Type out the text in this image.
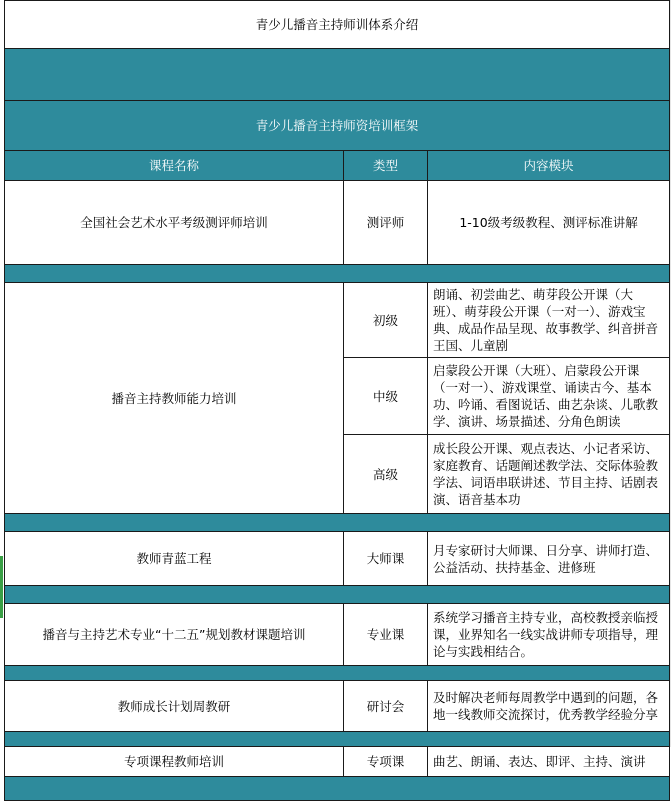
青少儿播音主持师训体系介绍		

青少儿播音主持师资培训框架		
课程名称	类型	内容模块
全国社会艺术水平考级测评师培训	测评师	1-10级考级教程、测评标准讲解

播音主持教师能力培训	初级	朗诵、初尝曲艺、萌芽段公开课（大班）、萌芽段公开课（一对一）、游戏宝典、成品作品呈现、故事教学、纠音拼音王国、儿童剧
	中级	启蒙段公开课（大班）、启蒙段公开课（一对一）、游戏课堂、诵读古今、基本功、吟诵、看图说话、曲艺杂谈、儿歌教学、演讲、场景描述、分角色朗读
	高级	成长段公开课、观点表达、小记者采访、家庭教育、话题阐述教学法、交际体验教学法、词语串联讲述、节目主持、话剧表演、语音基本功

教师青蓝工程	大师课	月专家研讨大师课、日分享、讲师打造、公益活动、扶持基金、进修班

播音与主持艺术专业“十二五”规划教材课题培训	专业课	系统学习播音主持专业，高校教授亲临授课，业界知名一线实战讲师专项指导，理论与实践相结合。

教师成长计划周教研	研讨会	及时解决老师每周教学中遇到的问题，各地一线教师交流探讨，优秀教学经验分享

专项课程教师培训	专项课	曲艺、朗诵、表达、即评、主持、演讲
